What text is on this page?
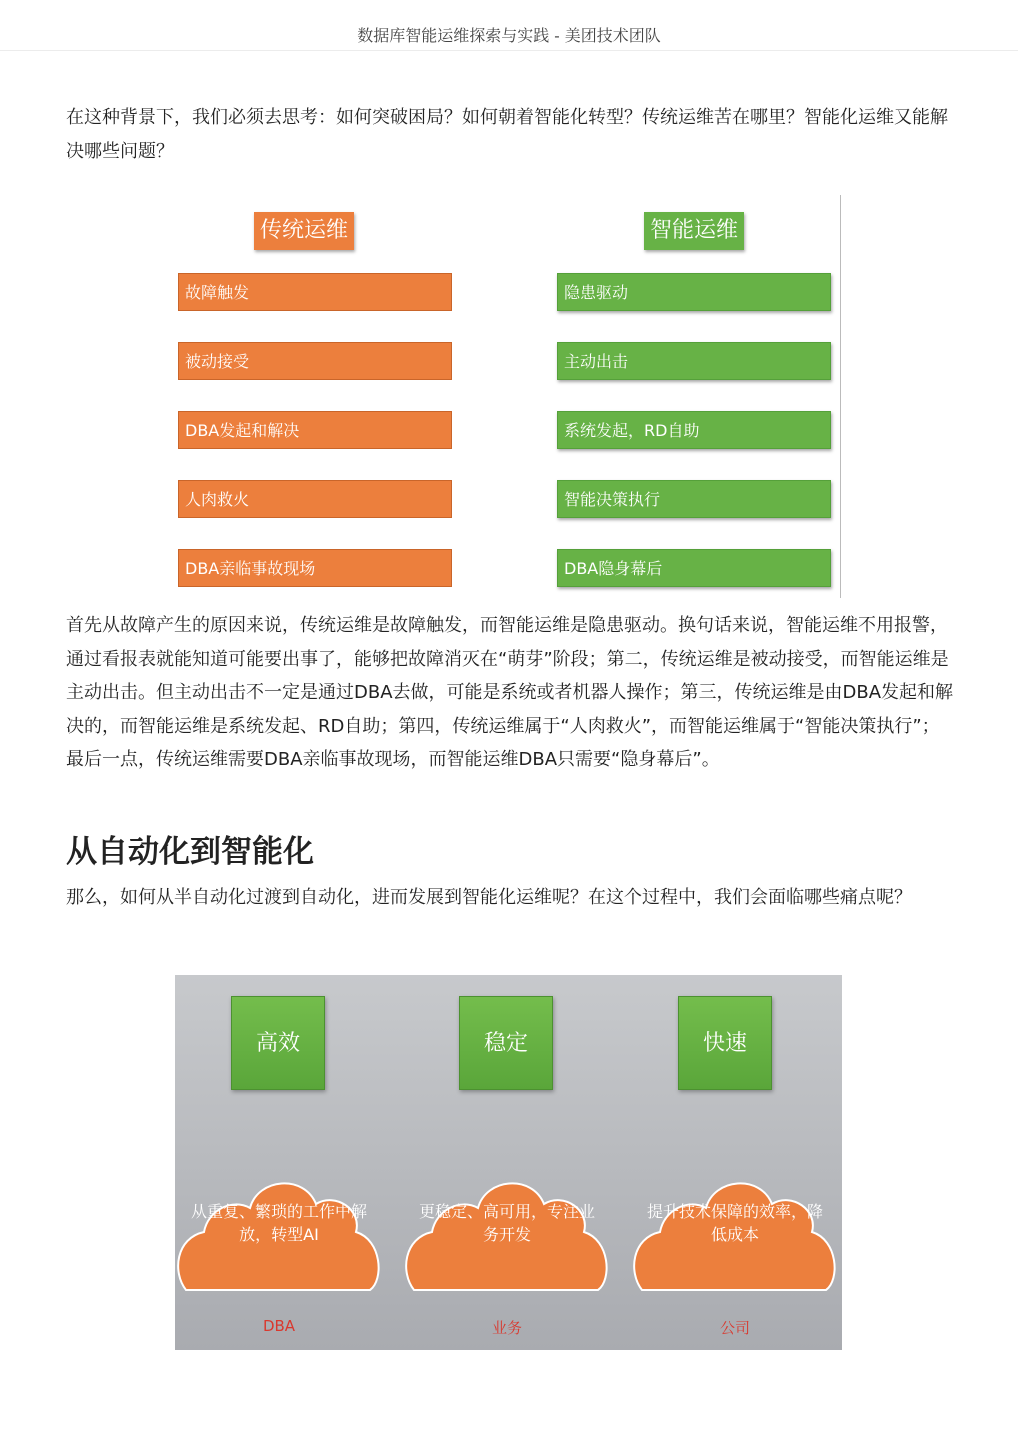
数据库智能运维探索与实践 - 美团技术团队

在这种背景下，我们必须去思考：如何突破困局？如何朝着智能化转型？传统运维苦在哪里？智能化运维又能解决哪些问题？

传统运维	智能运维
故障触发
被动接受
DBA发起和解决
人肉救火
DBA亲临事故现场
隐患驱动
主动出击
系统发起，RD自助
智能决策执行
DBA隐身幕后

首先从故障产生的原因来说，传统运维是故障触发，而智能运维是隐患驱动。换句话来说，智能运维不用报警，通过看报表就能知道可能要出事了，能够把故障消灭在“萌芽”阶段；第二，传统运维是被动接受，而智能运维是主动出击。但主动出击不一定是通过DBA去做，可能是系统或者机器人操作；第三，传统运维是由DBA发起和解决的，而智能运维是系统发起、RD自助；第四，传统运维属于“人肉救火”，而智能运维属于“智能决策执行”；最后一点，传统运维需要DBA亲临事故现场，而智能运维DBA只需要“隐身幕后”。

从自动化到智能化

那么，如何从半自动化过渡到自动化，进而发展到智能化运维呢？在这个过程中，我们会面临哪些痛点呢？

高效

从重复、繁琐的工作中解放，转型AI

DBA
稳定

更稳定、高可用，专注业务开发

业务
快速

提升技术保障的效率，降低成本

公司
